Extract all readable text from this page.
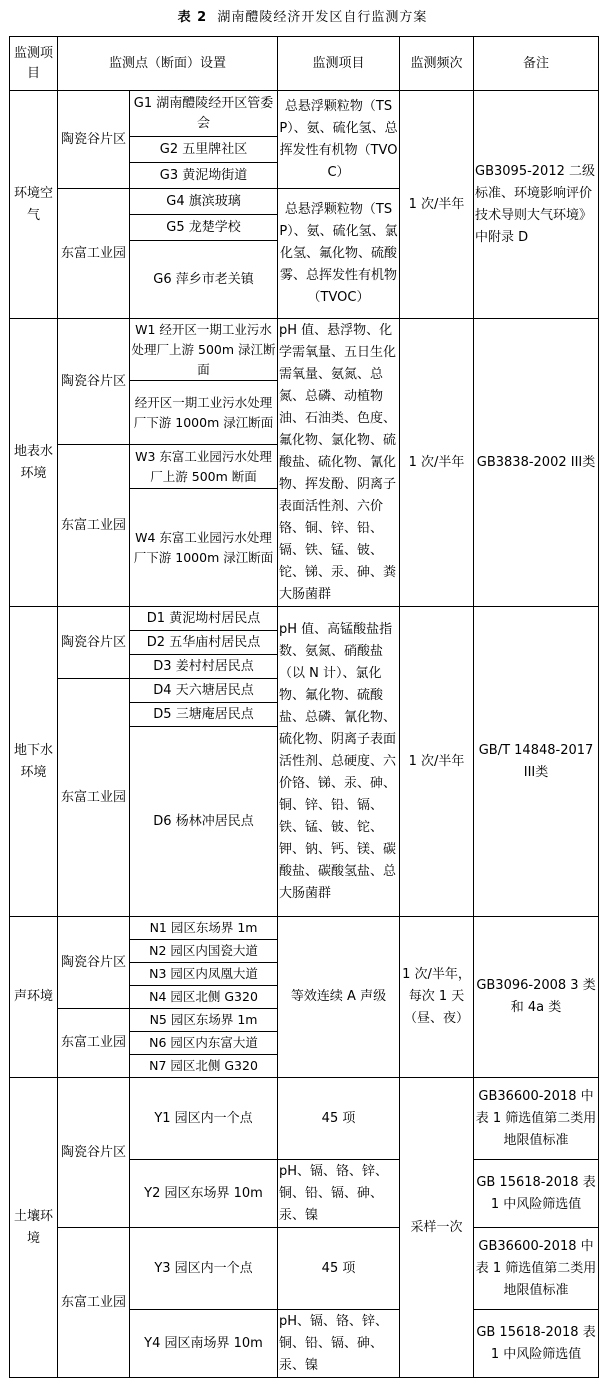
表 2 湖南醴陵经济开发区自行监测方案
监测项目	监测点（断面）设置		监测项目	监测频次	备注
环境空气	陶瓷谷片区	G1 湖南醴陵经开区管委会	总悬浮颗粒物（TSP）、氨、硫化氢、总挥发性有机物（TVOC）	1 次/半年	GB3095-2012 二级标准、环境影响评价技术导则大气环境》中附录 D
		G2 五里牌社区			
		G3 黄泥坳街道			
	东富工业园	G4 旗滨玻璃	总悬浮颗粒物（TSP）、氨、硫化氢、氯化氢、氟化物、硫酸雾、总挥发性有机物（TVOC）		
		G5 龙楚学校			
		G6 萍乡市老关镇			
地表水环境	陶瓷谷片区	W1 经开区一期工业污水处理厂上游 500m 渌江断面	pH 值、悬浮物、化学需氧量、五日生化需氧量、氨氮、总氮、总磷、动植物油、石油类、色度、氟化物、氯化物、硫酸盐、硫化物、氰化物、挥发酚、阴离子表面活性剂、六价铬、铜、锌、铅、镉、铁、锰、铍、铊、锑、汞、砷、粪大肠菌群	1 次/半年	GB3838-2002 III类
		经开区一期工业污水处理厂下游 1000m 渌江断面			
	东富工业园	W3 东富工业园污水处理厂上游 500m 断面			
		W4 东富工业园污水处理厂下游 1000m 渌江断面			
地下水环境	陶瓷谷片区	D1 黄泥坳村居民点	pH 值、高锰酸盐指数、氨氮、硝酸盐（以 N 计）、氯化物、氟化物、硫酸盐、总磷、氰化物、硫化物、阴离子表面活性剂、总硬度、六价铬、锑、汞、砷、铜、锌、铅、镉、铁、锰、铍、铊、钾、钠、钙、镁、碳酸盐、碳酸氢盐、总大肠菌群	1 次/半年	GB/T 14848-2017 III类
		D2 五华庙村居民点			
		D3 姜村村居民点			
	东富工业园	D4 天六塘居民点			
		D5 三塘庵居民点			
		D6 杨林冲居民点			
声环境	陶瓷谷片区	N1 园区东场界 1m	等效连续 A 声级	1 次/半年，每次 1 天（昼、夜）	GB3096-2008 3 类和 4a 类
		N2 园区内国瓷大道			
		N3 园区内凤凰大道			
		N4 园区北侧 G320			
	东富工业园	N5 园区东场界 1m			
		N6 园区内东富大道			
		N7 园区北侧 G320			
土壤环境	陶瓷谷片区	Y1 园区内一个点	45 项	采样一次	GB36600-2018 中表 1 筛选值第二类用地限值标准
		Y2 园区东场界 10m	pH、镉、铬、锌、铜、铅、镉、砷、汞、镍		GB 15618-2018 表 1 中风险筛选值
	东富工业园	Y3 园区内一个点	45 项		GB36600-2018 中表 1 筛选值第二类用地限值标准
		Y4 园区南场界 10m	pH、镉、铬、锌、铜、铅、镉、砷、汞、镍		GB 15618-2018 表 1 中风险筛选值
